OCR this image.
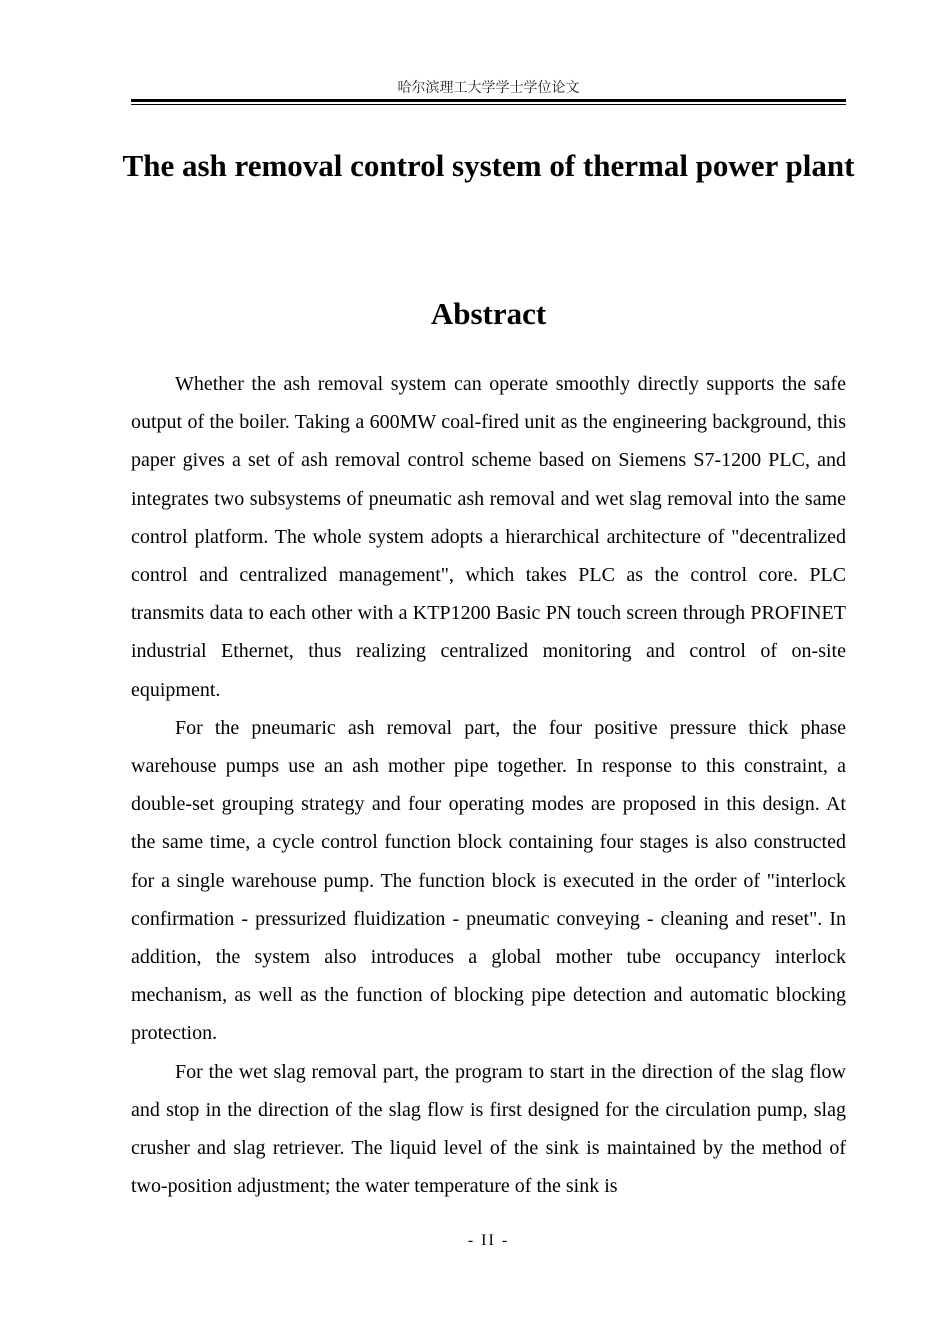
哈尔滨理工大学学士学位论文
The ash removal control system of thermal power plant
Abstract

Whether the ash removal system can operate smoothly directly supports the safe output of the boiler. Taking a 600MW coal-fired unit as the engineering background, this paper gives a set of ash removal control scheme based on Siemens S7-1200 PLC, and integrates two subsystems of pneumatic ash removal and wet slag removal into the same control platform. The whole system adopts a hierarchical architecture of "decentralized control and centralized management", which takes PLC as the control core. PLC transmits data to each other with a KTP1200 Basic PN touch screen through PROFINET industrial Ethernet, thus realizing centralized monitoring and control of on-site equipment.

For the pneumaric ash removal part, the four positive pressure thick phase warehouse pumps use an ash mother pipe together. In response to this constraint, a double-set grouping strategy and four operating modes are proposed in this design. At the same time, a cycle control function block containing four stages is also constructed for a single warehouse pump. The function block is executed in the order of "interlock confirmation - pressurized fluidization - pneumatic conveying - cleaning and reset". In addition, the system also introduces a global mother tube occupancy interlock mechanism, as well as the function of blocking pipe detection and automatic blocking protection.

For the wet slag removal part, the program to start in the direction of the slag flow and stop in the direction of the slag flow is first designed for the circulation pump, slag crusher and slag retriever. The liquid level of the sink is maintained by the method of two-position adjustment; the water temperature of the sink is

- II -
